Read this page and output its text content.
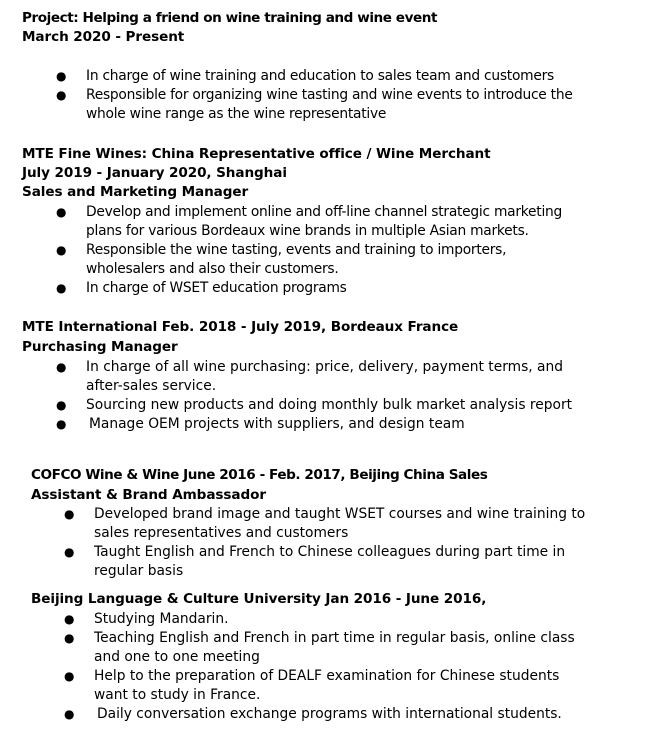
Project: Helping a friend on wine training and wine event
March 2020 - Present
● In charge of wine training and education to sales team and customers
● Responsible for organizing wine tasting and wine events to introduce the whole wine range as the wine representative
MTE Fine Wines: China Representative office / Wine Merchant
July 2019 - January 2020, Shanghai
Sales and Marketing Manager
● Develop and implement online and off-line channel strategic marketing plans for various Bordeaux wine brands in multiple Asian markets.
● Responsible the wine tasting, events and training to importers, wholesalers and also their customers.
● In charge of WSET education programs
MTE International Feb. 2018 - July 2019, Bordeaux France
Purchasing Manager
● In charge of all wine purchasing: price, delivery, payment terms, and after-sales service.
● Sourcing new products and doing monthly bulk market analysis report
● Manage OEM projects with suppliers, and design team
COFCO Wine & Wine June 2016 - Feb. 2017, Beijing China Sales
Assistant & Brand Ambassador
● Developed brand image and taught WSET courses and wine training to sales representatives and customers
● Taught English and French to Chinese colleagues during part time in regular basis
Beijing Language & Culture University Jan 2016 - June 2016,
● Studying Mandarin.
● Teaching English and French in part time in regular basis, online class and one to one meeting
● Help to the preparation of DEALF examination for Chinese students want to study in France.
● Daily conversation exchange programs with international students.
